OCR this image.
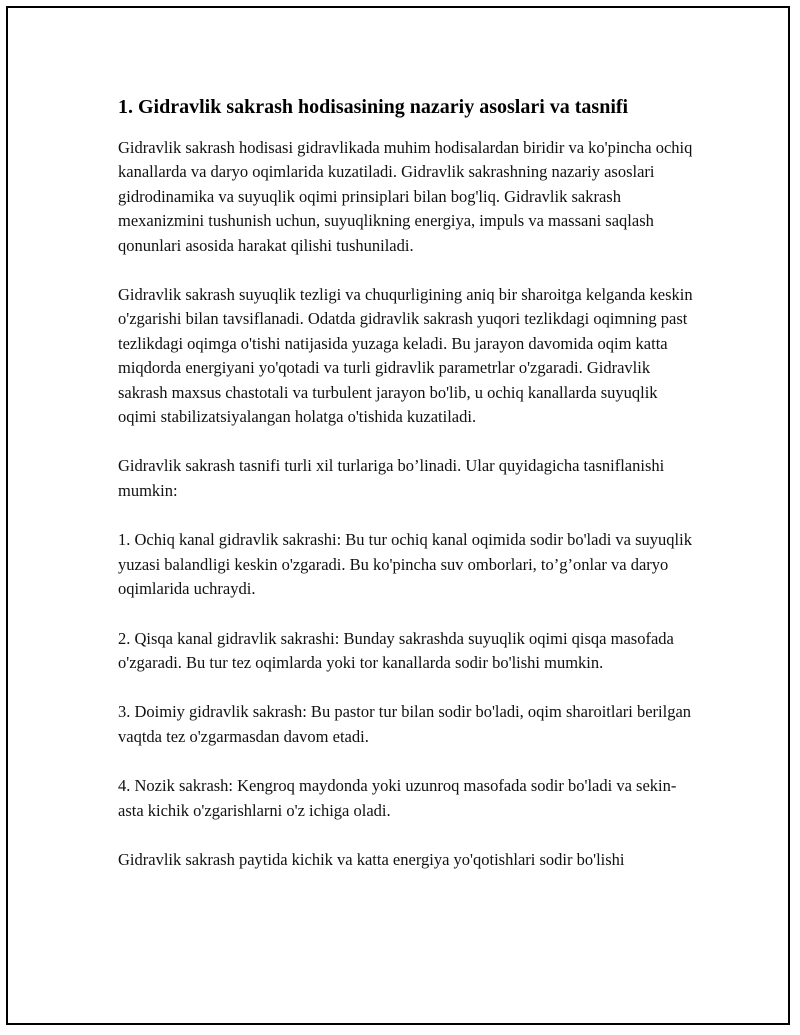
1. Gidravlik sakrash hodisasining nazariy asoslari va tasnifi

Gidravlik sakrash hodisasi gidravlikada muhim hodisalardan biridir va ko'pincha ochiq kanallarda va daryo oqimlarida kuzatiladi. Gidravlik sakrashning nazariy asoslari gidrodinamika va suyuqlik oqimi prinsiplari bilan bog'liq. Gidravlik sakrash mexanizmini tushunish uchun, suyuqlikning energiya, impuls va massani saqlash qonunlari asosida harakat qilishi tushuniladi.

Gidravlik sakrash suyuqlik tezligi va chuqurligining aniq bir sharoitga kelganda keskin o'zgarishi bilan tavsiflanadi. Odatda gidravlik sakrash yuqori tezlikdagi oqimning past tezlikdagi oqimga o'tishi natijasida yuzaga keladi. Bu jarayon davomida oqim katta miqdorda energiyani yo'qotadi va turli gidravlik parametrlar o'zgaradi. Gidravlik sakrash maxsus chastotali va turbulent jarayon bo'lib, u ochiq kanallarda suyuqlik oqimi stabilizatsiyalangan holatga o'tishida kuzatiladi.

Gidravlik sakrash tasnifi turli xil turlariga bo’linadi. Ular quyidagicha tasniflanishi mumkin:

1. Ochiq kanal gidravlik sakrashi: Bu tur ochiq kanal oqimida sodir bo'ladi va suyuqlik yuzasi balandligi keskin o'zgaradi. Bu ko'pincha suv omborlari, to’g’onlar va daryo oqimlarida uchraydi.

2. Qisqa kanal gidravlik sakrashi: Bunday sakrashda suyuqlik oqimi qisqa masofada o'zgaradi. Bu tur tez oqimlarda yoki tor kanallarda sodir bo'lishi mumkin.

3. Doimiy gidravlik sakrash: Bu pastor tur bilan sodir bo'ladi, oqim sharoitlari berilgan vaqtda tez o'zgarmasdan davom etadi.

4. Nozik sakrash: Kengroq maydonda yoki uzunroq masofada sodir bo'ladi va sekin-asta kichik o'zgarishlarni o'z ichiga oladi.

Gidravlik sakrash paytida kichik va katta energiya yo'qotishlari sodir bo'lishi
